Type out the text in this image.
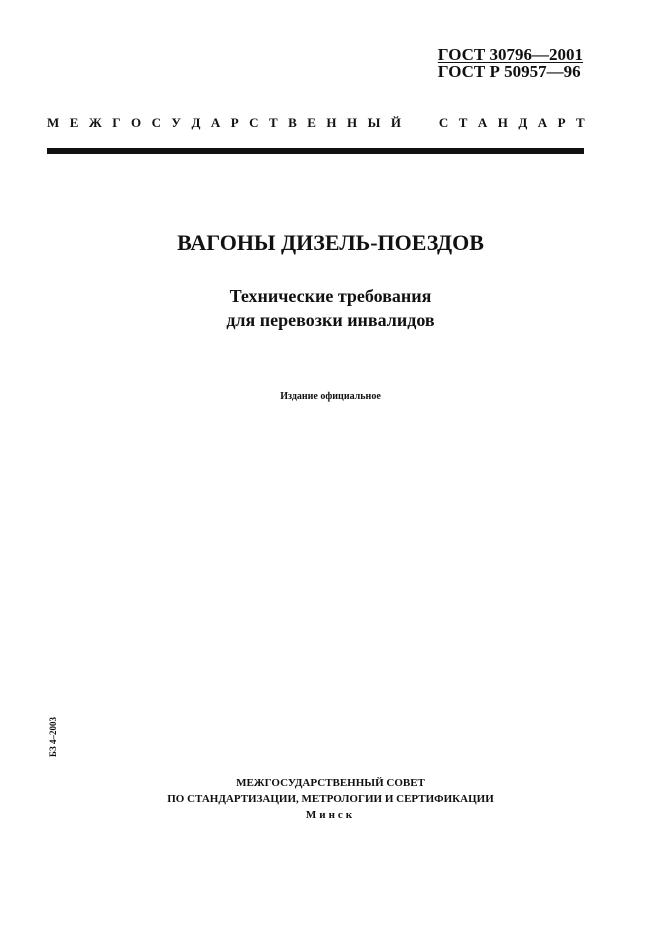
ГОСТ 30796—2001
ГОСТ Р 50957—96
М Е Ж Г О С У Д А Р С Т В Е Н Н Ы Й

	С Т А Н Д А Р Т
ВАГОНЫ ДИЗЕЛЬ-ПОЕЗДОВ
Технические требования
для перевозки инвалидов
Издание официальное
БЗ 4–2003
МЕЖГОСУДАРСТВЕННЫЙ СОВЕТ
ПО СТАНДАРТИЗАЦИИ, МЕТРОЛОГИИ И СЕРТИФИКАЦИИ
Минск
